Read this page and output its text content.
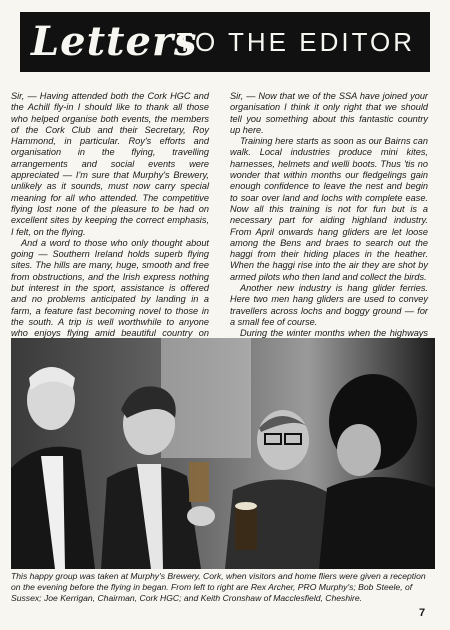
Letters
TO THE EDITOR

Sir, — Having attended both the Cork HGC and the Achill fly-in I should like to thank all those who helped organise both events, the members of the Cork Club and their Secretary, Roy Hammond, in particular. Roy's efforts and organisation in the flying, travelling arrangements and social events were appreciated — I'm sure that Murphy's Brewery, unlikely as it sounds, must now carry special meaning for all who attended. The competitive flying lost none of the pleasure to be had on excellent sites by keeping the correct emphasis, I felt, on the flying.

And a word to those who only thought about going — Southern Ireland holds superb flying sites. The hills are many, huge, smooth and free from obstructions, and the Irish express nothing but interest in the sport, assistance is offered and no problems anticipated by landing in a farm, a feature fast becoming novel to those in the south. A trip is well worthwhile to anyone who enjoys flying amid beautiful country on

Sir, — Now that we of the SSA have joined your organisation I think it only right that we should tell you something about this fantastic country up here.

Training here starts as soon as our Bairns can walk. Local industries produce mini kites, harnesses, helmets and welli boots. Thus 'tis no wonder that within months our fledgelings gain enough confidence to leave the nest and begin to soar over land and lochs with complete ease. Now all this training is not for fun but is a necessary part for aiding highland industry. From April onwards hang gliders are let loose among the Bens and braes to search out the haggi from their hiding places in the heather. When the haggi rise into the air they are shot by armed pilots who then land and collect the birds.

Another new industry is hang glider ferries. Here two men hang gliders are used to convey travellers across lochs and boggy ground — for a small fee of course.

During the winter months when the highways

This happy group was taken at Murphy's Brewery, Cork, when visitors and home fliers were given a reception on the evening before the flying in began. From left to right are Rex Archer, PRO Murphy's; Bob Steele, of Sussex; Joe Kerrigan, Chairman, Cork HGC; and Keith Cronshaw of Macclesfield, Cheshire.
7
